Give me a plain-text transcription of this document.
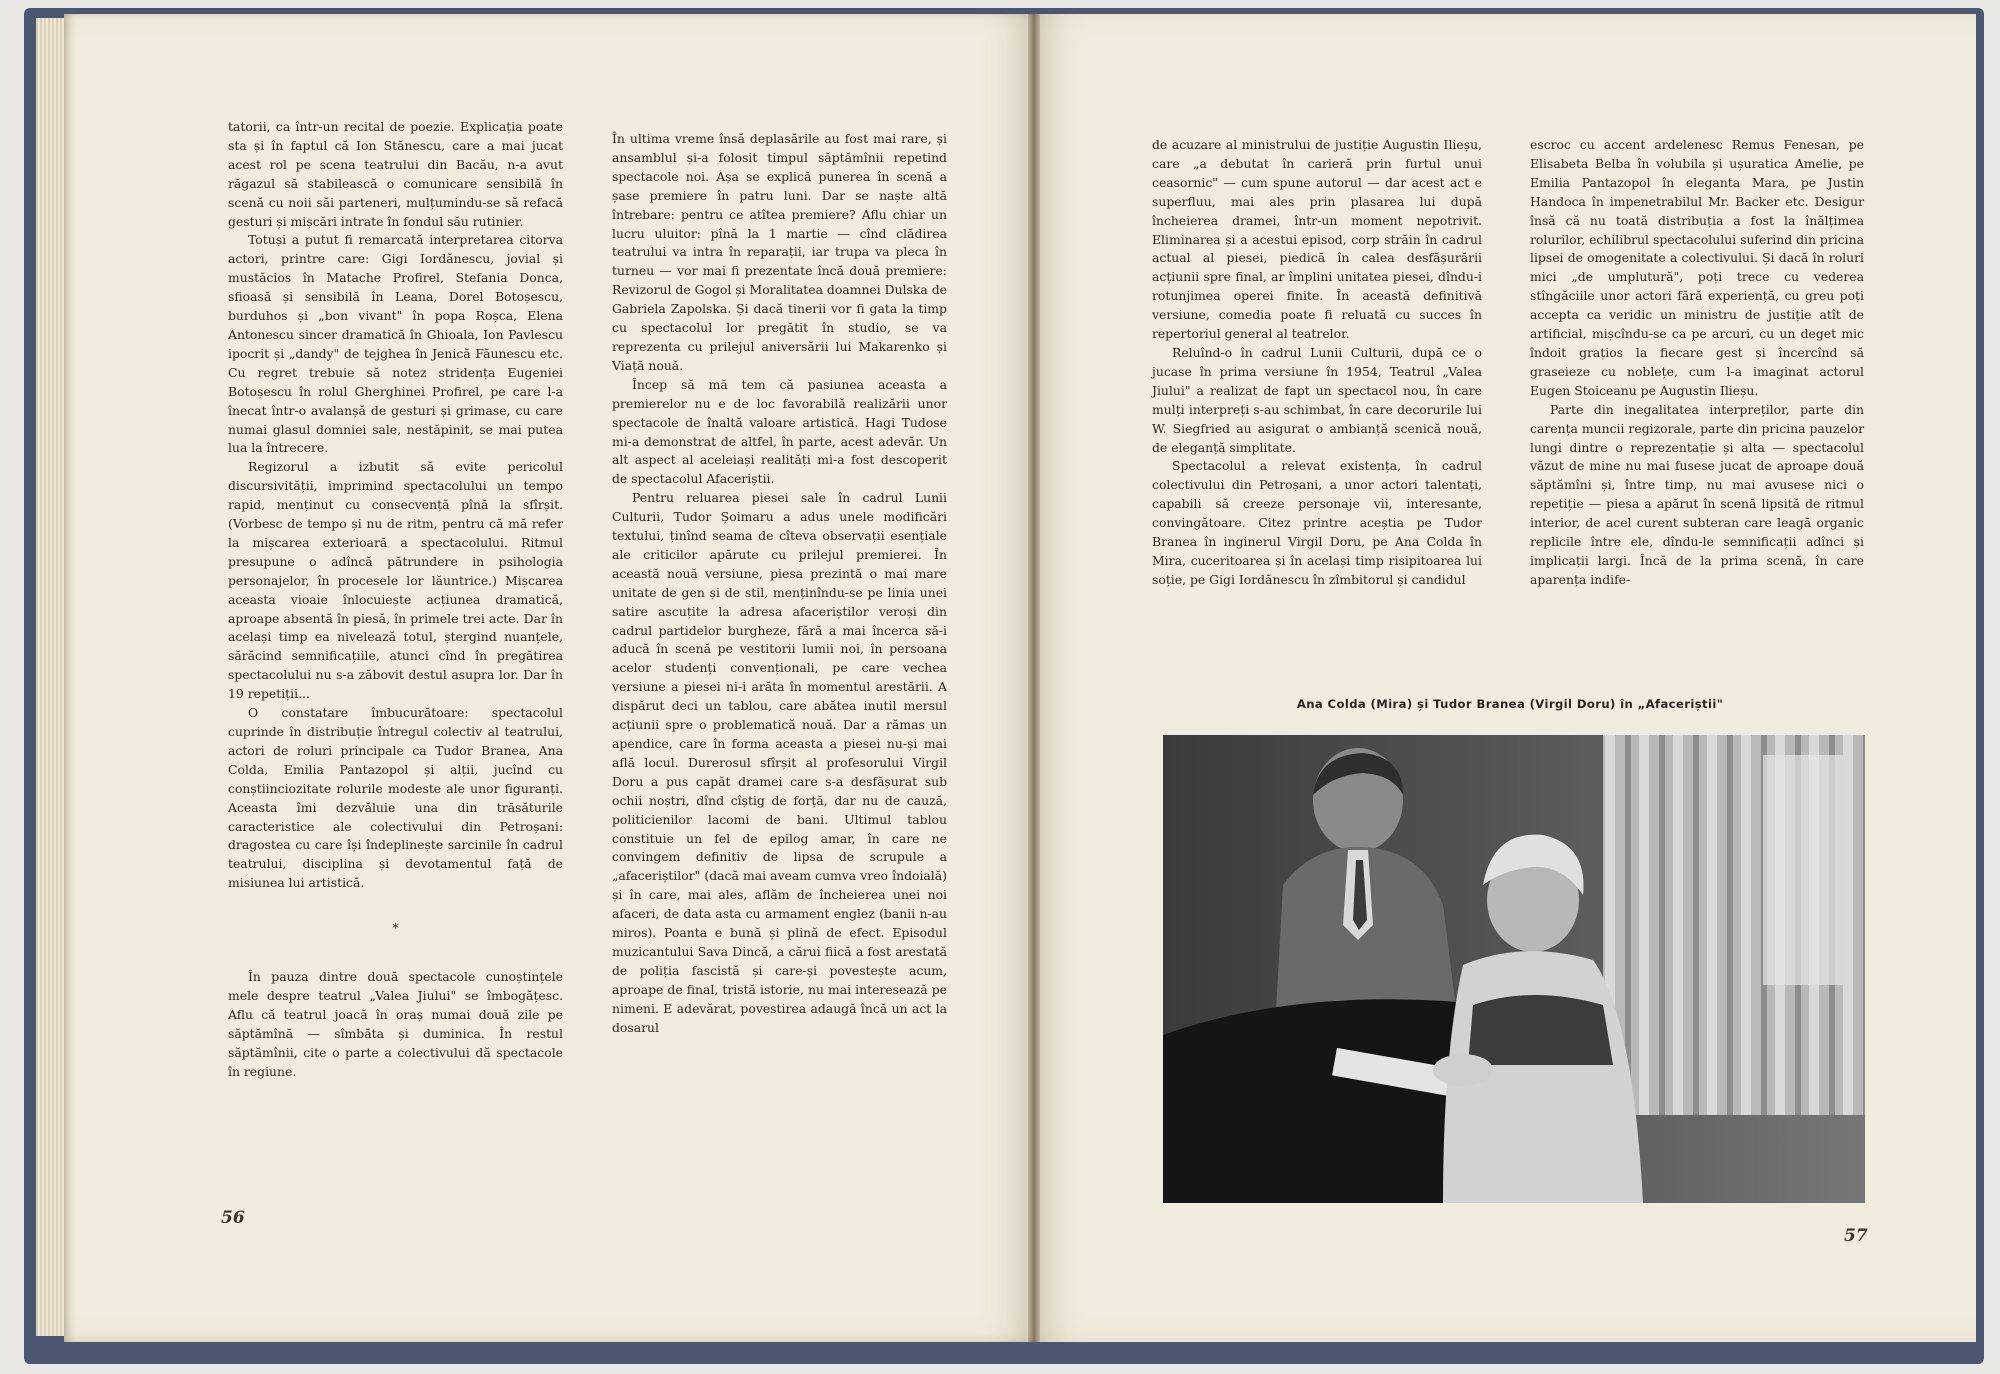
tatorii, ca într-un recital de poezie. Explicația poate sta și în faptul că Ion Stănescu, care a mai jucat acest rol pe scena teatrului din Bacău, n-a avut răgazul să stabilească o comunicare sensibilă în scenă cu noii săi parteneri, mulțumindu-se să refacă gesturi și mișcări intrate în fondul său rutinier.

Totuși a putut fi remarcată interpretarea citorva actori, printre care: Gigi Iordănescu, jovial și mustăcios în Matache Profirel, Stefania Donca, sfioasă și sensibilă în Leana, Dorel Botoșescu, burduhos și „bon vivant" în popa Roșca, Elena Antonescu sincer dramatică în Ghioala, Ion Pavlescu ipocrit și „dandy" de tejghea în Jenică Făunescu etc. Cu regret trebuie să notez stridența Eugeniei Botoșescu în rolul Gherghinei Profirel, pe care l-a înecat într-o avalanșă de gesturi și grimase, cu care numai glasul domniei sale, nestăpinit, se mai putea lua la întrecere.

Regizorul a izbutit să evite pericolul discursivității, imprimind spectacolului un tempo rapid, menținut cu consecvență pînă la sfîrșit. (Vorbesc de tempo și nu de ritm, pentru că mă refer la mișcarea exterioară a spectacolului. Ritmul presupune o adîncă pătrundere in psihologia personajelor, în procesele lor lăuntrice.) Mișcarea aceasta vioaie înlocuiește acțiunea dramatică, aproape absentă în piesă, în primele trei acte. Dar în același timp ea nivelează totul, ștergind nuanțele, sărăcind semnificațiile, atunci cînd în pregătirea spectacolului nu s-a zăbovit destul asupra lor. Dar în 19 repetiții...

O constatare îmbucurătoare: spectacolul cuprinde în distribuție întregul colectiv al teatrului, actori de roluri principale ca Tudor Branea, Ana Colda, Emilia Pantazopol și alții, jucînd cu conștiinciozitate rolurile modeste ale unor figuranți. Aceasta îmi dezvăluie una din trăsăturile caracteristice ale colectivului din Petroșani: dragostea cu care își îndeplinește sarcinile în cadrul teatrului, disciplina și devotamentul față de misiunea lui artistică.

*

În pauza dintre două spectacole cunoștințele mele despre teatrul „Valea Jiului" se îmbogățesc. Aflu că teatrul joacă în oraș numai două zile pe săptămînă — sîmbăta și duminica. În restul săptămînii, cite o parte a colectivului dă spectacole în regiune.

În ultima vreme însă deplasările au fost mai rare, și ansamblul și-a folosit timpul săptămînii repetind spectacole noi. Așa se explică punerea în scenă a șase premiere în patru luni. Dar se naște altă întrebare: pentru ce atîtea premiere? Aflu chiar un lucru uluitor: pînă la 1 martie — cînd clădirea teatrului va intra în reparații, iar trupa va pleca în turneu — vor mai fi prezentate încă două premiere: Revizorul de Gogol și Moralitatea doamnei Dulska de Gabriela Zapolska. Și dacă tinerii vor fi gata la timp cu spectacolul lor pregătit în studio, se va reprezenta cu prilejul aniversării lui Makarenko și Viață nouă.

Încep să mă tem că pasiunea aceasta a premierelor nu e de loc favorabilă realizării unor spectacole de înaltă valoare artistică. Hagi Tudose mi-a demonstrat de altfel, în parte, acest adevăr. Un alt aspect al aceleiași realități mi-a fost descoperit de spectacolul Afaceriștii.

Pentru reluarea piesei sale în cadrul Lunii Culturii, Tudor Șoimaru a adus unele modificări textului, ținînd seama de cîteva observații esențiale ale criticilor apărute cu prilejul premierei. În această nouă versiune, piesa prezintă o mai mare unitate de gen și de stil, menținîndu-se pe linia unei satire ascuțite la adresa afaceriștilor veroși din cadrul partidelor burgheze, fără a mai încerca să-i aducă în scenă pe vestitorii lumii noi, în persoana acelor studenți convenționali, pe care vechea versiune a piesei ni-i arăta în momentul arestării. A dispărut deci un tablou, care abătea inutil mersul acțiunii spre o problematică nouă. Dar a rămas un apendice, care în forma aceasta a piesei nu-și mai află locul. Durerosul sfîrșit al profesorului Virgil Doru a pus capăt dramei care s-a desfășurat sub ochii noștri, dînd cîștig de forță, dar nu de cauză, politicienilor lacomi de bani. Ultimul tablou constituie un fel de epilog amar, în care ne convingem definitiv de lipsa de scrupule a „afaceriștilor" (dacă mai aveam cumva vreo îndoială) și în care, mai ales, aflăm de încheierea unei noi afaceri, de data asta cu armament englez (banii n-au miros). Poanta e bună și plină de efect. Episodul muzicantului Sava Dincă, a cărui fiică a fost arestată de poliția fascistă și care-și povestește acum, aproape de final, tristă istorie, nu mai interesează pe nimeni. E adevărat, povestirea adaugă încă un act la dosarul

56

de acuzare al ministrului de justiție Augustin Ilieșu, care „a debutat în carieră prin furtul unui ceasornic" — cum spune autorul — dar acest act e superfluu, mai ales prin plasarea lui după încheierea dramei, într-un moment nepotrivit. Eliminarea și a acestui episod, corp străin în cadrul actual al piesei, piedică în calea desfășurării acțiunii spre final, ar împlini unitatea piesei, dîndu-i rotunjimea operei finite. În această definitivă versiune, comedia poate fi reluată cu succes în repertoriul general al teatrelor.

Reluînd-o în cadrul Lunii Culturii, după ce o jucase în prima versiune în 1954, Teatrul „Valea Jiului" a realizat de fapt un spectacol nou, în care mulți interpreți s-au schimbat, în care decorurile lui W. Siegfried au asigurat o ambianță scenică nouă, de eleganță simplitate.

Spectacolul a relevat existența, în cadrul colectivului din Petroșani, a unor actori talentați, capabili să creeze personaje vii, interesante, convingătoare. Citez printre aceștia pe Tudor Branea în inginerul Virgil Doru, pe Ana Colda în Mira, cuceritoarea și în același timp risipitoarea lui soție, pe Gigi Iordănescu în zîmbitorul și candidul

escroc cu accent ardelenesc Remus Fenesan, pe Elisabeta Belba în volubila și ușuratica Amelie, pe Emilia Pantazopol în eleganta Mara, pe Justin Handoca în impenetrabilul Mr. Backer etc. Desigur însă că nu toată distribuția a fost la înălțimea rolurilor, echilibrul spectacolului suferind din pricina lipsei de omogenitate a colectivului. Și dacă în roluri mici „de umplutură", poți trece cu vederea stîngăciile unor actori fără experiență, cu greu poți accepta ca veridic un ministru de justiție atît de artificial, mișcîndu-se ca pe arcuri, cu un deget mic îndoit grațios la fiecare gest și încercînd să graseieze cu noblețe, cum l-a imaginat actorul Eugen Stoiceanu pe Augustin Ilieșu.

Parte din inegalitatea interpreților, parte din carența muncii regizorale, parte din pricina pauzelor lungi dintre o reprezentație și alta — spectacolul văzut de mine nu mai fusese jucat de aproape două săptămîni și, între timp, nu mai avusese nici o repetiție — piesa a apărut în scenă lipsită de ritmul interior, de acel curent subteran care leagă organic replicile între ele, dîndu-le semnificații adînci și implicații largi. Încă de la prima scenă, în care aparența indife-

Ana Colda (Mira) și Tudor Branea (Virgil Doru) în „Afaceriștii"
57
